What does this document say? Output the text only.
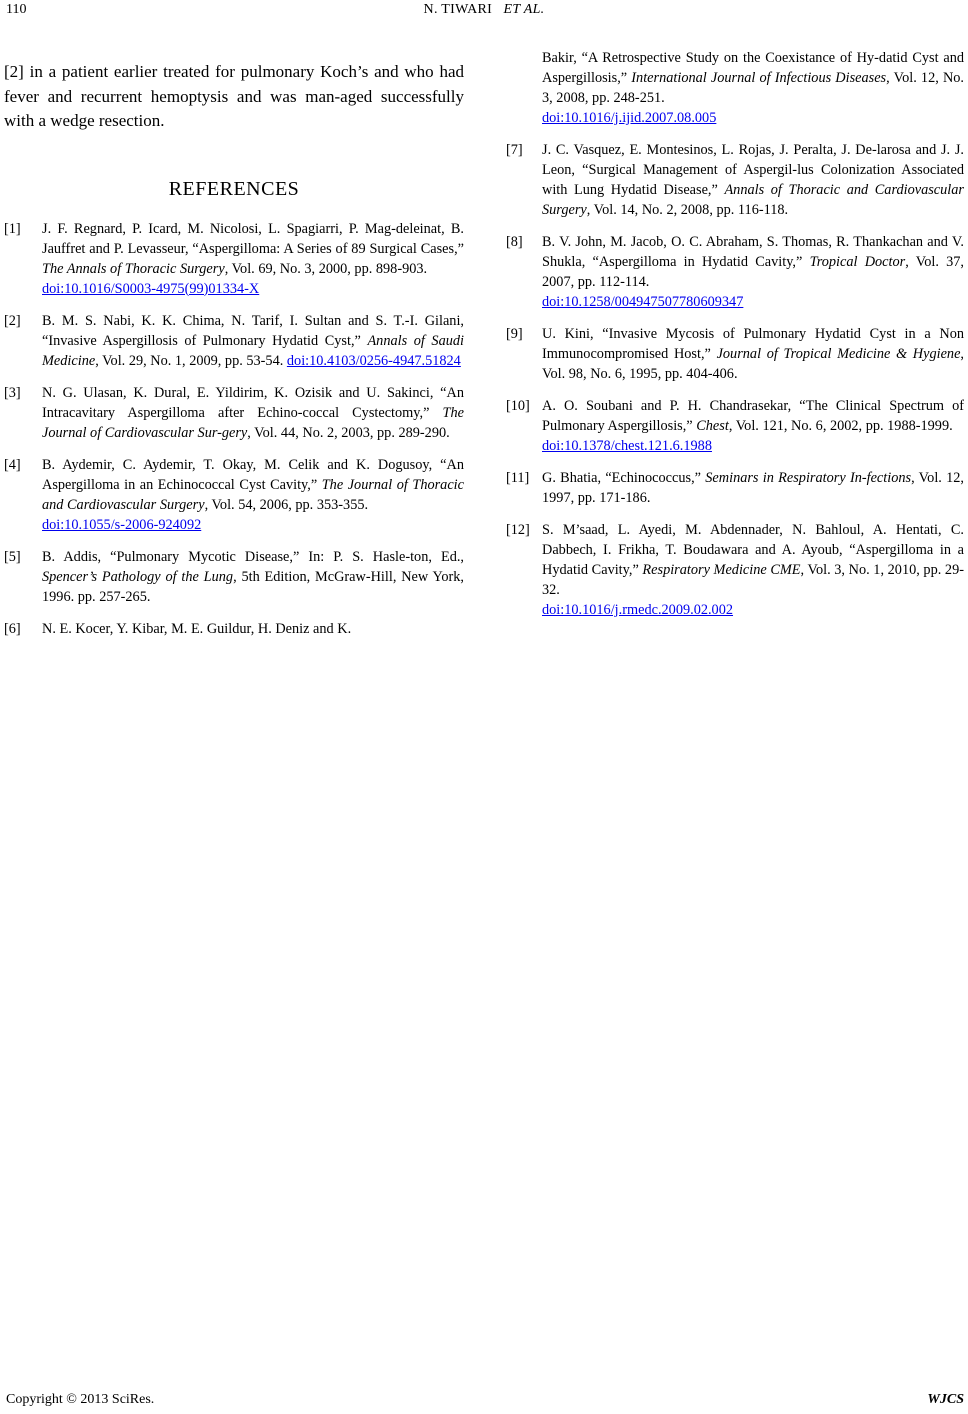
110	N. TIWARI ET AL.

[2] in a patient earlier treated for pulmonary Koch’s and who had fever and recurrent hemoptysis and was man-aged successfully with a wedge resection.

REFERENCES
[1]	J. F. Regnard, P. Icard, M. Nicolosi, L. Spagiarri, P. Mag-deleinat, B. Jauffret and P. Levasseur, “Aspergilloma: A Series of 89 Surgical Cases,” The Annals of Thoracic Surgery, Vol. 69, No. 3, 2000, pp. 898-903.
doi:10.1016/S0003-4975(99)01334-X
[2]	B. M. S. Nabi, K. K. Chima, N. Tarif, I. Sultan and S. T.-I. Gilani, “Invasive Aspergillosis of Pulmonary Hydatid Cyst,” Annals of Saudi Medicine, Vol. 29, No. 1, 2009, pp. 53-54. doi:10.4103/0256-4947.51824
[3]	N. G. Ulasan, K. Dural, E. Yildirim, K. Ozisik and U. Sakinci, “An Intracavitary Aspergilloma after Echino-coccal Cystectomy,” The Journal of Cardiovascular Sur-gery, Vol. 44, No. 2, 2003, pp. 289-290.
[4]	B. Aydemir, C. Aydemir, T. Okay, M. Celik and K. Dogusoy, “An Aspergilloma in an Echinococcal Cyst Cavity,” The Journal of Thoracic and Cardiovascular Surgery, Vol. 54, 2006, pp. 353-355.
doi:10.1055/s-2006-924092
[5]	B. Addis, “Pulmonary Mycotic Disease,” In: P. S. Hasle-ton, Ed., Spencer’s Pathology of the Lung, 5th Edition, McGraw-Hill, New York, 1996. pp. 257-265.
[6]	N. E. Kocer, Y. Kibar, M. E. Guildur, H. Deniz and K.
Bakir, “A Retrospective Study on the Coexistance of Hy-datid Cyst and Aspergillosis,” International Journal of Infectious Diseases, Vol. 12, No. 3, 2008, pp. 248-251.
doi:10.1016/j.ijid.2007.08.005
[7]	J. C. Vasquez, E. Montesinos, L. Rojas, J. Peralta, J. De-larosa and J. J. Leon, “Surgical Management of Aspergil-lus Colonization Associated with Lung Hydatid Disease,” Annals of Thoracic and Cardiovascular Surgery, Vol. 14, No. 2, 2008, pp. 116-118.
[8]	B. V. John, M. Jacob, O. C. Abraham, S. Thomas, R. Thankachan and V. Shukla, “Aspergilloma in Hydatid Cavity,” Tropical Doctor, Vol. 37, 2007, pp. 112-114.
doi:10.1258/004947507780609347
[9]	U. Kini, “Invasive Mycosis of Pulmonary Hydatid Cyst in a Non Immunocompromised Host,” Journal of Tropical Medicine & Hygiene, Vol. 98, No. 6, 1995, pp. 404-406.
[10] A. O. Soubani and P. H. Chandrasekar, “The Clinical Spectrum of Pulmonary Aspergillosis,” Chest, Vol. 121, No. 6, 2002, pp. 1988-1999.
doi:10.1378/chest.121.6.1988
[11] G. Bhatia, “Echinococcus,” Seminars in Respiratory In-fections, Vol. 12, 1997, pp. 171-186.
[12] S. M’saad, L. Ayedi, M. Abdennader, N. Bahloul, A. Hentati, C. Dabbech, I. Frikha, T. Boudawara and A. Ayoub, “Aspergilloma in a Hydatid Cavity,” Respiratory Medicine CME, Vol. 3, No. 1, 2010, pp. 29-32.
doi:10.1016/j.rmedc.2009.02.002
Copyright © 2013 SciRes.	WJCS
